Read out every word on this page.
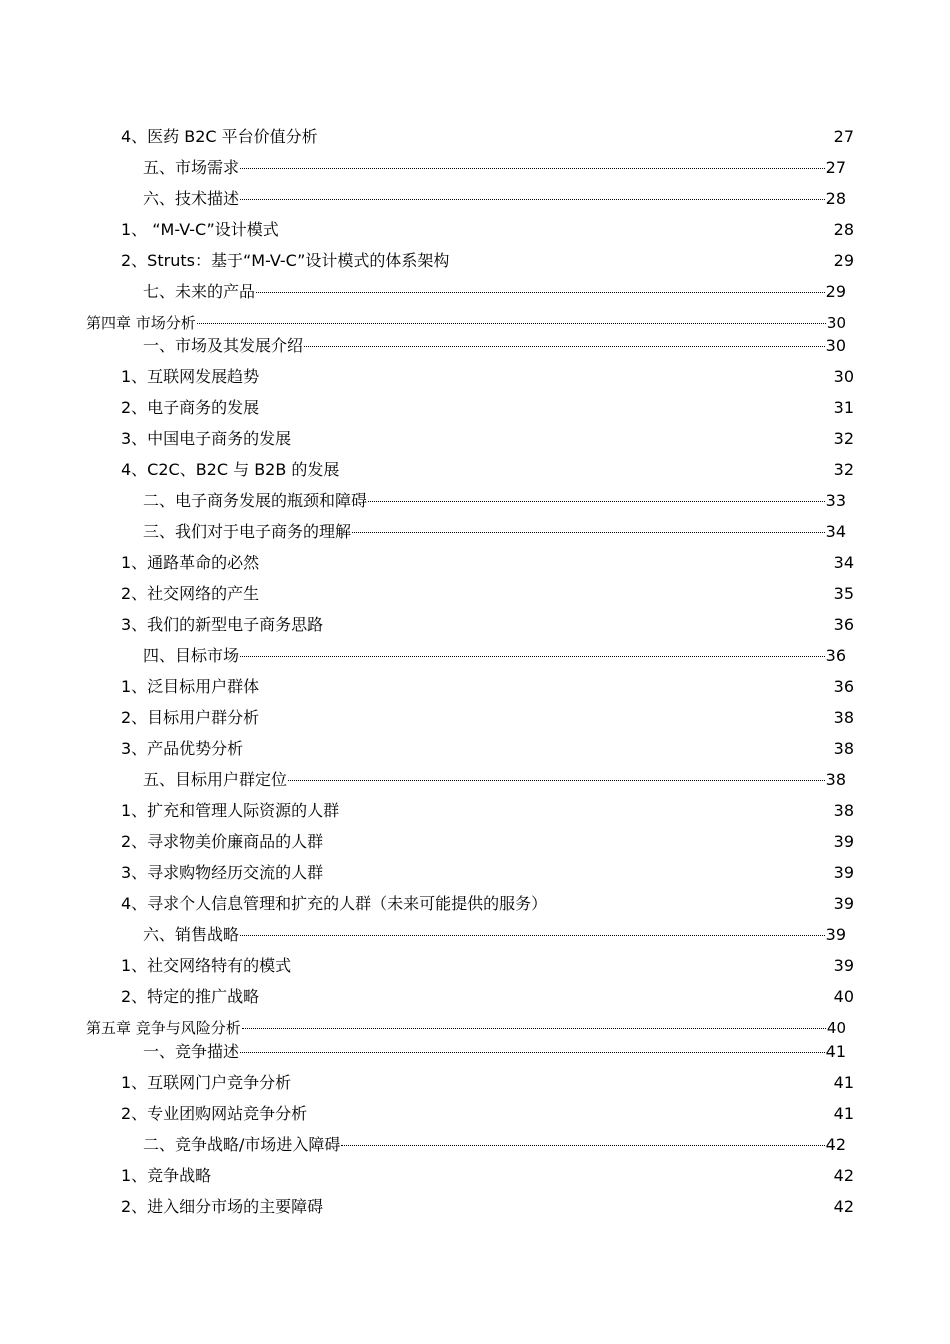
4、医药 B2C 平台价值分析	27
五、市场需求	27
六、技术描述	28
1、 “M-V-C”设计模式	28
2、Struts：基于“M-V-C”设计模式的体系架构	29
七、未来的产品	29
第四章 市场分析	30
一、市场及其发展介绍	30
1、互联网发展趋势	30
2、电子商务的发展	31
3、中国电子商务的发展	32
4、C2C、B2C 与 B2B 的发展	32
二、电子商务发展的瓶颈和障碍	33
三、我们对于电子商务的理解	34
1、通路革命的必然	34
2、社交网络的产生	35
3、我们的新型电子商务思路	36
四、目标市场	36
1、泛目标用户群体	36
2、目标用户群分析	38
3、产品优势分析	38
五、目标用户群定位	38
1、扩充和管理人际资源的人群	38
2、寻求物美价廉商品的人群	39
3、寻求购物经历交流的人群	39
4、寻求个人信息管理和扩充的人群（未来可能提供的服务）	39
六、销售战略	39
1、社交网络特有的模式	39
2、特定的推广战略	40
第五章 竞争与风险分析	40
一、竞争描述	41
1、互联网门户竞争分析	41
2、专业团购网站竞争分析	41
二、竞争战略/市场进入障碍	42
1、竞争战略	42
2、进入细分市场的主要障碍	42
